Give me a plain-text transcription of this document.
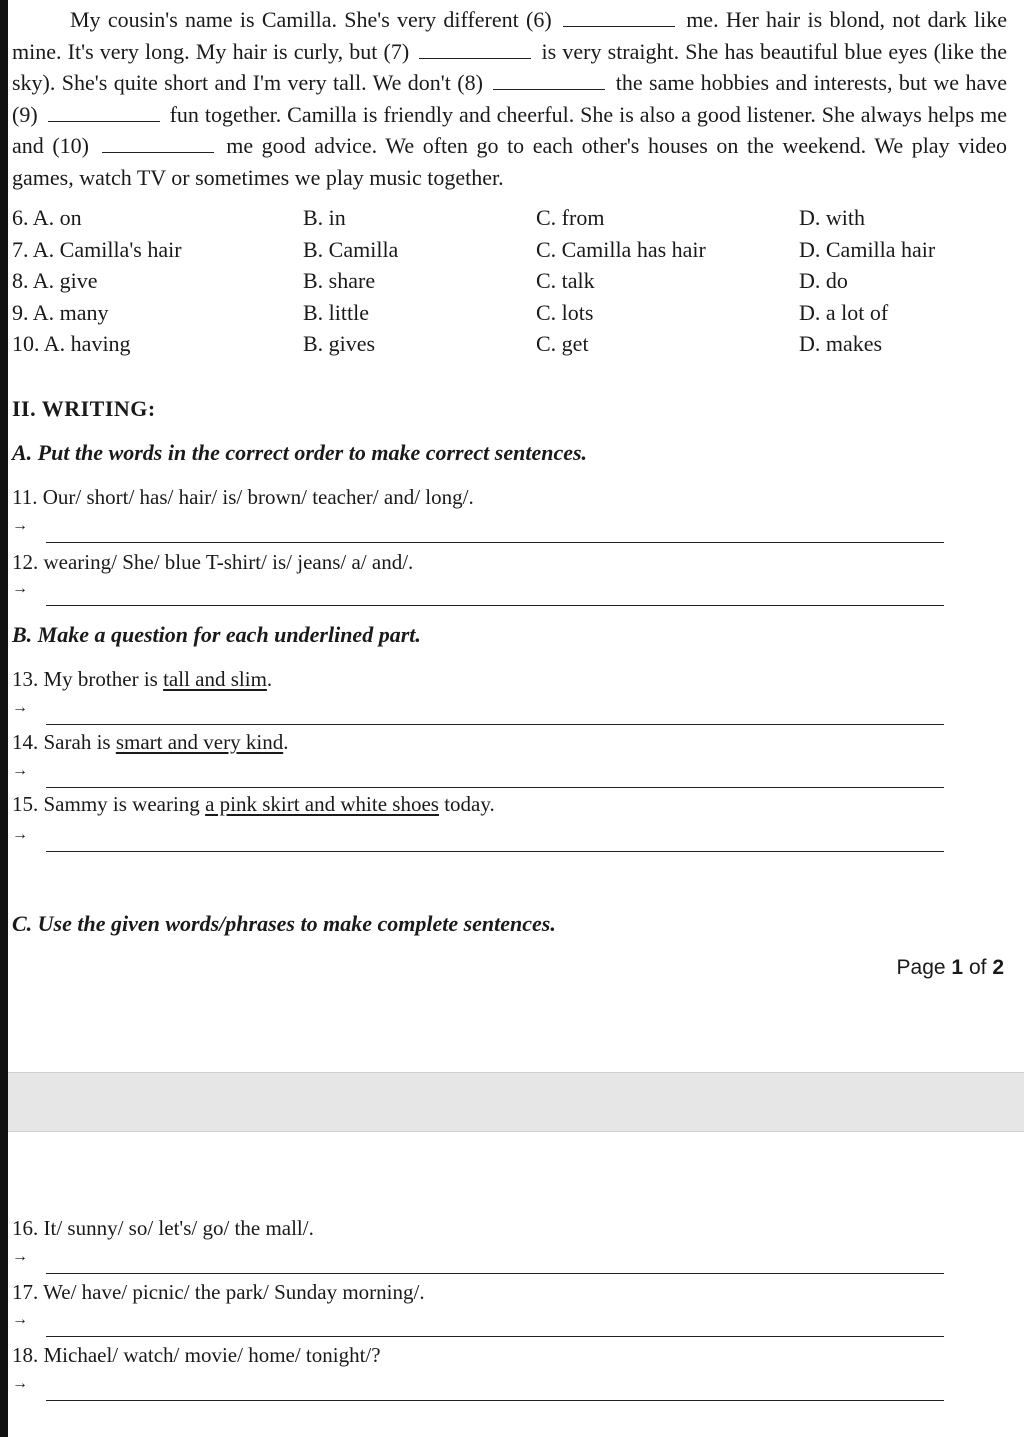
My cousin's name is Camilla. She's very different (6)	me. Her hair is blond, not dark like mine. It's very long. My hair is curly, but (7)	is very straight. She has beautiful blue eyes (like the sky). She's quite short and I'm very tall. We don't (8)	the same hobbies and interests, but we have (9)	fun together. Camilla is friendly and cheerful. She is also a good listener. She always helps me and (10)	me good advice. We often go to each other's houses on the weekend. We play video games, watch TV or sometimes we play music together.

6. A. on	B. in	C. from	D. with
7. A. Camilla's hair	B. Camilla	C. Camilla has hair	D. Camilla hair
8. A. give	B. share	C. talk	D. do
9. A. many	B. little	C. lots	D. a lot of
10. A. having	B. gives	C. get	D. makes
II. WRITING:
A. Put the words in the correct order to make correct sentences.
11. Our/ short/ has/ hair/ is/ brown/ teacher/ and/ long/.
→
12. wearing/ She/ blue T-shirt/ is/ jeans/ a/ and/.
→
B. Make a question for each underlined part.
13. My brother is tall and slim.
→
14. Sarah is smart and very kind.
→
15. Sammy is wearing a pink skirt and white shoes today.
→
C. Use the given words/phrases to make complete sentences.
16. It/ sunny/ so/ let's/ go/ the mall/.
→
17. We/ have/ picnic/ the park/ Sunday morning/.
→
18. Michael/ watch/ movie/ home/ tonight/?
→
Page 1 of 2
